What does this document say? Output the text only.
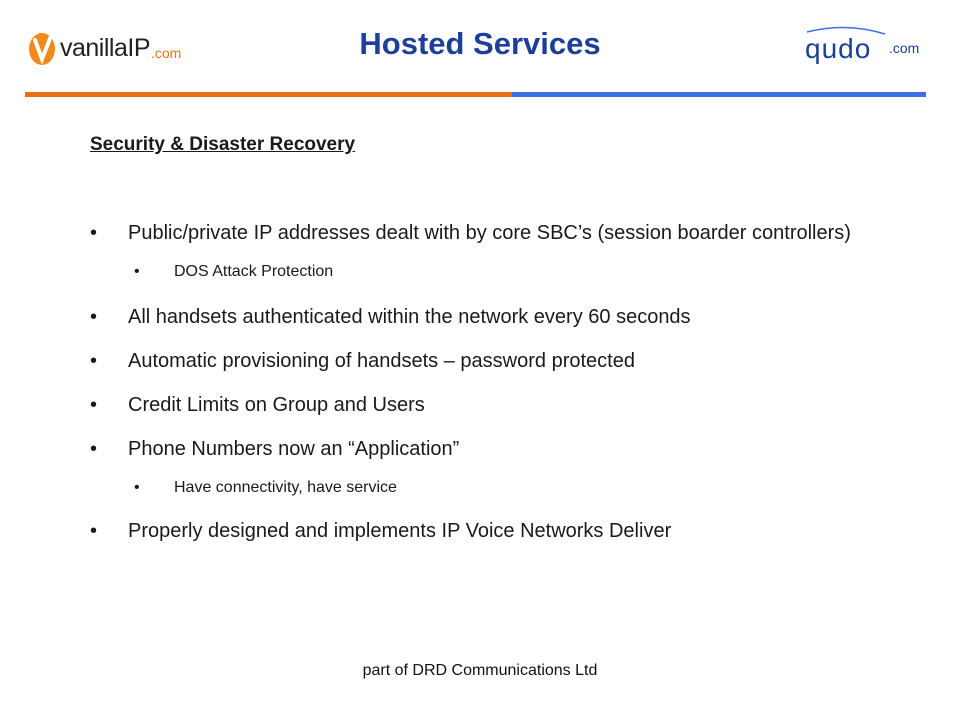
vanillaIP .com	Hosted Services	qudo .com
Security & Disaster Recovery
•	Public/private IP addresses dealt with by core SBC’s (session boarder controllers)
•	DOS Attack Protection
•	All handsets authenticated within the network every 60 seconds
•	Automatic provisioning of handsets – password protected
•	Credit Limits on Group and Users
•	Phone Numbers now an “Application”
•	Have connectivity, have service
•	Properly designed and implements IP Voice Networks Deliver
part of DRD Communications Ltd
